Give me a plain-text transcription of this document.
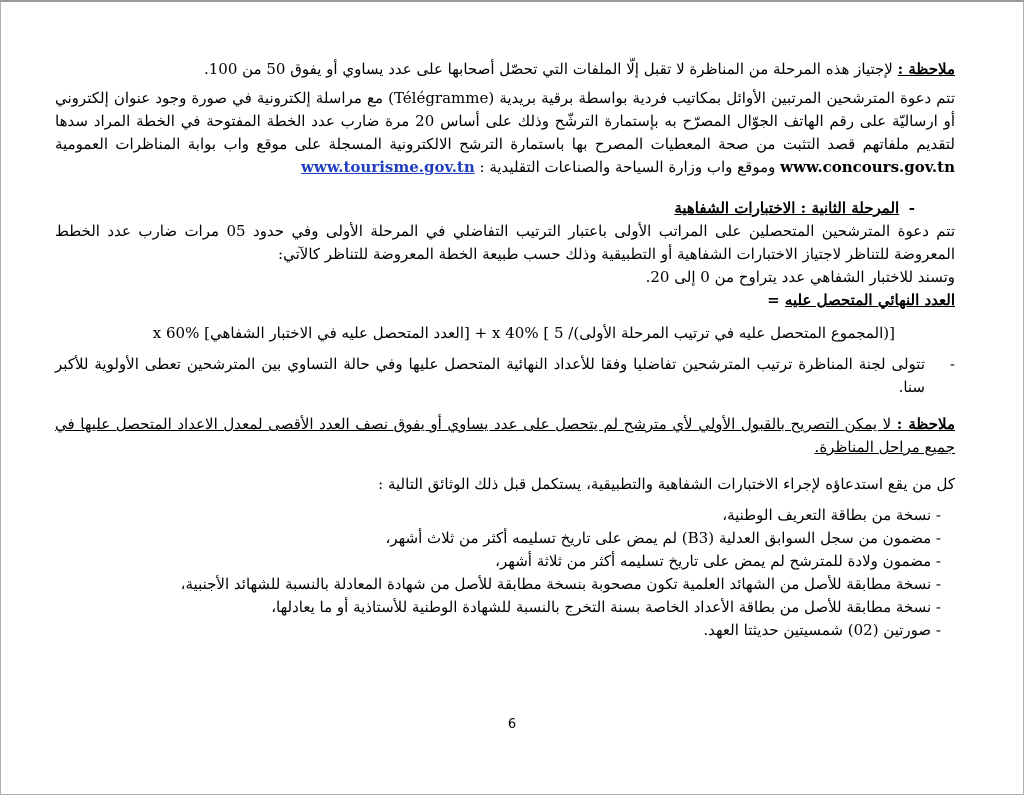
ملاحظة : لإجتياز هذه المرحلة من المناظرة لا تقبل إلّا الملفات التي تحصّل أصحابها على عدد يساوي أو يفوق 50 من 100.

تتم دعوة المترشحين المرتبين الأوائل بمكاتيب فردية بواسطة برقية بريدية (Télégramme) مع مراسلة إلكترونية في صورة وجود عنوان إلكتروني أو ارساليّة على رقم الهاتف الجوّال المصرّح به بإستمارة الترشّح وذلك على أساس 20 مرة ضارب عدد الخطة المفتوحة في الخطة المراد سدها لتقديم ملفاتهم قصد التثبت من صحة المعطيات المصرح بها باستمارة الترشح الالكترونية المسجلة على موقع واب بوابة المناظرات العمومية www.concours.gov.tn وموقع واب وزارة السياحة والصناعات التقليدية : www.tourisme.gov.tn

-  المرحلة الثانية : الاختبارات الشفاهية

تتم دعوة المترشحين المتحصلين على المراتب الأولى باعتبار الترتيب التفاضلي في المرحلة الأولى وفي حدود 05 مرات ضارب عدد الخطط المعروضة للتناظر لاجتياز الاختبارات الشفاهية أو التطبيقية وذلك حسب طبيعة الخطة المعروضة للتناظر كالآتي:

وتسند للاختبار الشفاهي عدد يتراوح من 0 إلى 20.

العدد النهائي المتحصل عليه =

[(المجموع المتحصل عليه في ترتيب المرحلة الأولى)/ 5 ] x 40% + [العدد المتحصل عليه في الاختبار الشفاهي] x 60%

-
تتولى لجنة المناظرة ترتيب المترشحين تفاضليا وفقا للأعداد النهائية المتحصل عليها وفي حالة التساوي بين المترشحين تعطى الأولوية للأكبر سنا.

ملاحظة : لا يمكن التصريح بالقبول الأولي لأي مترشح لم يتحصل على عدد يساوي أو يفوق نصف العدد الأقصى لمعدل الاعداد المتحصل عليها في جميع مراحل المناظرة.

كل من يقع استدعاؤه لإجراء الاختبارات الشفاهية والتطبيقية، يستكمل قبل ذلك الوثائق التالية :

- نسخة من بطاقة التعريف الوطنية،

- مضمون من سجل السوابق العدلية (B3) لم يمض على تاريخ تسليمه أكثر من ثلاث أشهر،

- مضمون ولادة للمترشح لم يمض على تاريخ تسليمه أكثر من ثلاثة أشهر،

- نسخة مطابقة للأصل من الشهائد العلمية تكون مصحوبة بنسخة مطابقة للأصل من شهادة المعادلة بالنسبة للشهائد الأجنبية،

- نسخة مطابقة للأصل من بطاقة الأعداد الخاصة بسنة التخرج بالنسبة للشهادة الوطنية للأستاذية أو ما يعادلها،

- صورتين (02) شمسيتين حديثتا العهد.

6
